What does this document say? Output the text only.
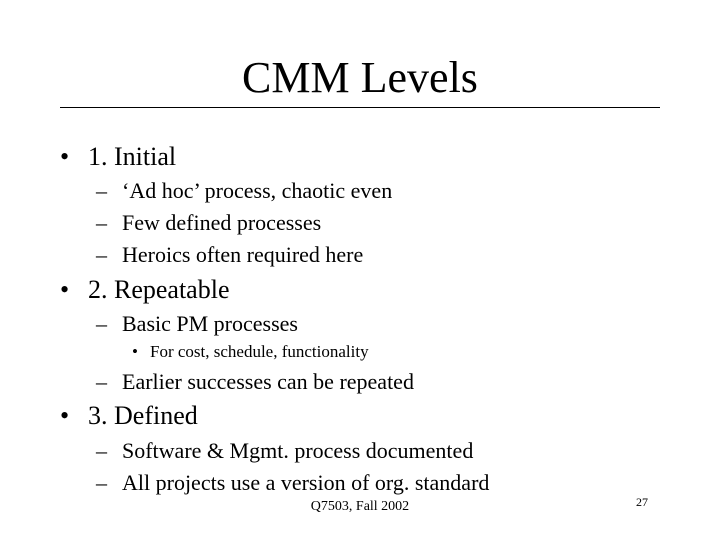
CMM Levels
• 1. Initial
– ‘Ad hoc’ process, chaotic even
– Few defined processes
– Heroics often required here
• 2. Repeatable
– Basic PM processes
• For cost, schedule, functionality
– Earlier successes can be repeated
• 3. Defined
– Software & Mgmt. process documented
– All projects use a version of org. standard
Q7503, Fall 2002	27
